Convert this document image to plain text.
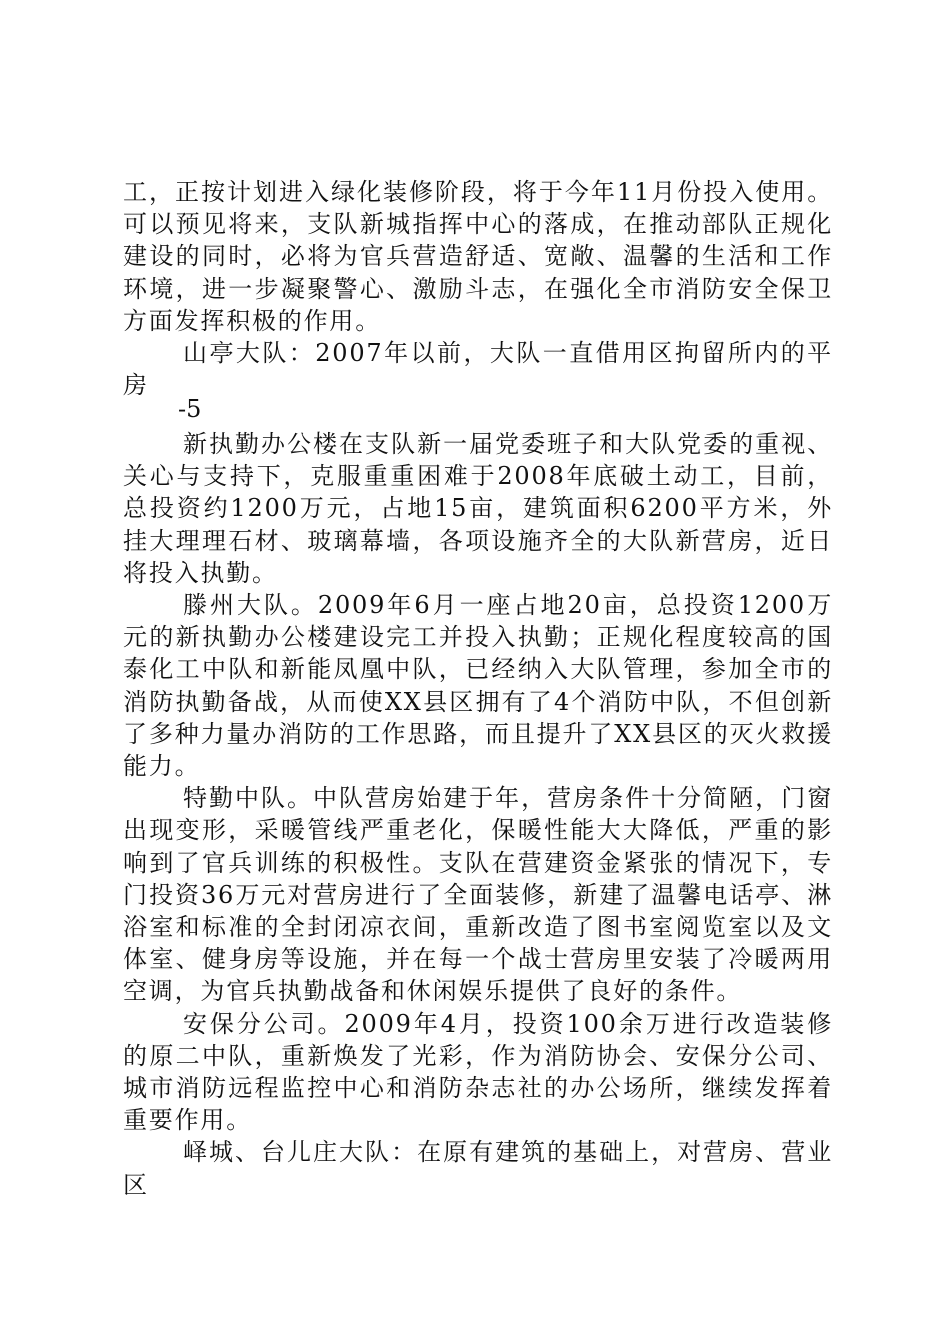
工，正按计划进入绿化装修阶段，将于今年11月份投入使用。可以预见将来，支队新城指挥中心的落成，在推动部队正规化建设的同时，必将为官兵营造舒适、宽敞、温馨的生活和工作环境，进一步凝聚警心、激励斗志，在强化全市消防安全保卫方面发挥积极的作用。

山亭大队：2007年以前，大队一直借用区拘留所内的平房

-5

新执勤办公楼在支队新一届党委班子和大队党委的重视、关心与支持下，克服重重困难于2008年底破土动工，目前，总投资约1200万元，占地15亩，建筑面积6200平方米，外挂大理理石材、玻璃幕墙，各项设施齐全的大队新营房，近日将投入执勤。

滕州大队。2009年6月一座占地20亩，总投资1200万元的新执勤办公楼建设完工并投入执勤；正规化程度较高的国泰化工中队和新能凤凰中队，已经纳入大队管理，参加全市的消防执勤备战，从而使XX县区拥有了4个消防中队，不但创新了多种力量办消防的工作思路，而且提升了XX县区的灭火救援能力。

特勤中队。中队营房始建于年，营房条件十分简陋，门窗出现变形，采暖管线严重老化，保暖性能大大降低，严重的影响到了官兵训练的积极性。支队在营建资金紧张的情况下，专门投资36万元对营房进行了全面装修，新建了温馨电话亭、淋浴室和标准的全封闭凉衣间，重新改造了图书室阅览室以及文体室、健身房等设施，并在每一个战士营房里安装了冷暖两用空调，为官兵执勤战备和休闲娱乐提供了良好的条件。

安保分公司。2009年4月，投资100余万进行改造装修的原二中队，重新焕发了光彩，作为消防协会、安保分公司、城市消防远程监控中心和消防杂志社的办公场所，继续发挥着重要作用。

峄城、台儿庄大队：在原有建筑的基础上，对营房、营业区
